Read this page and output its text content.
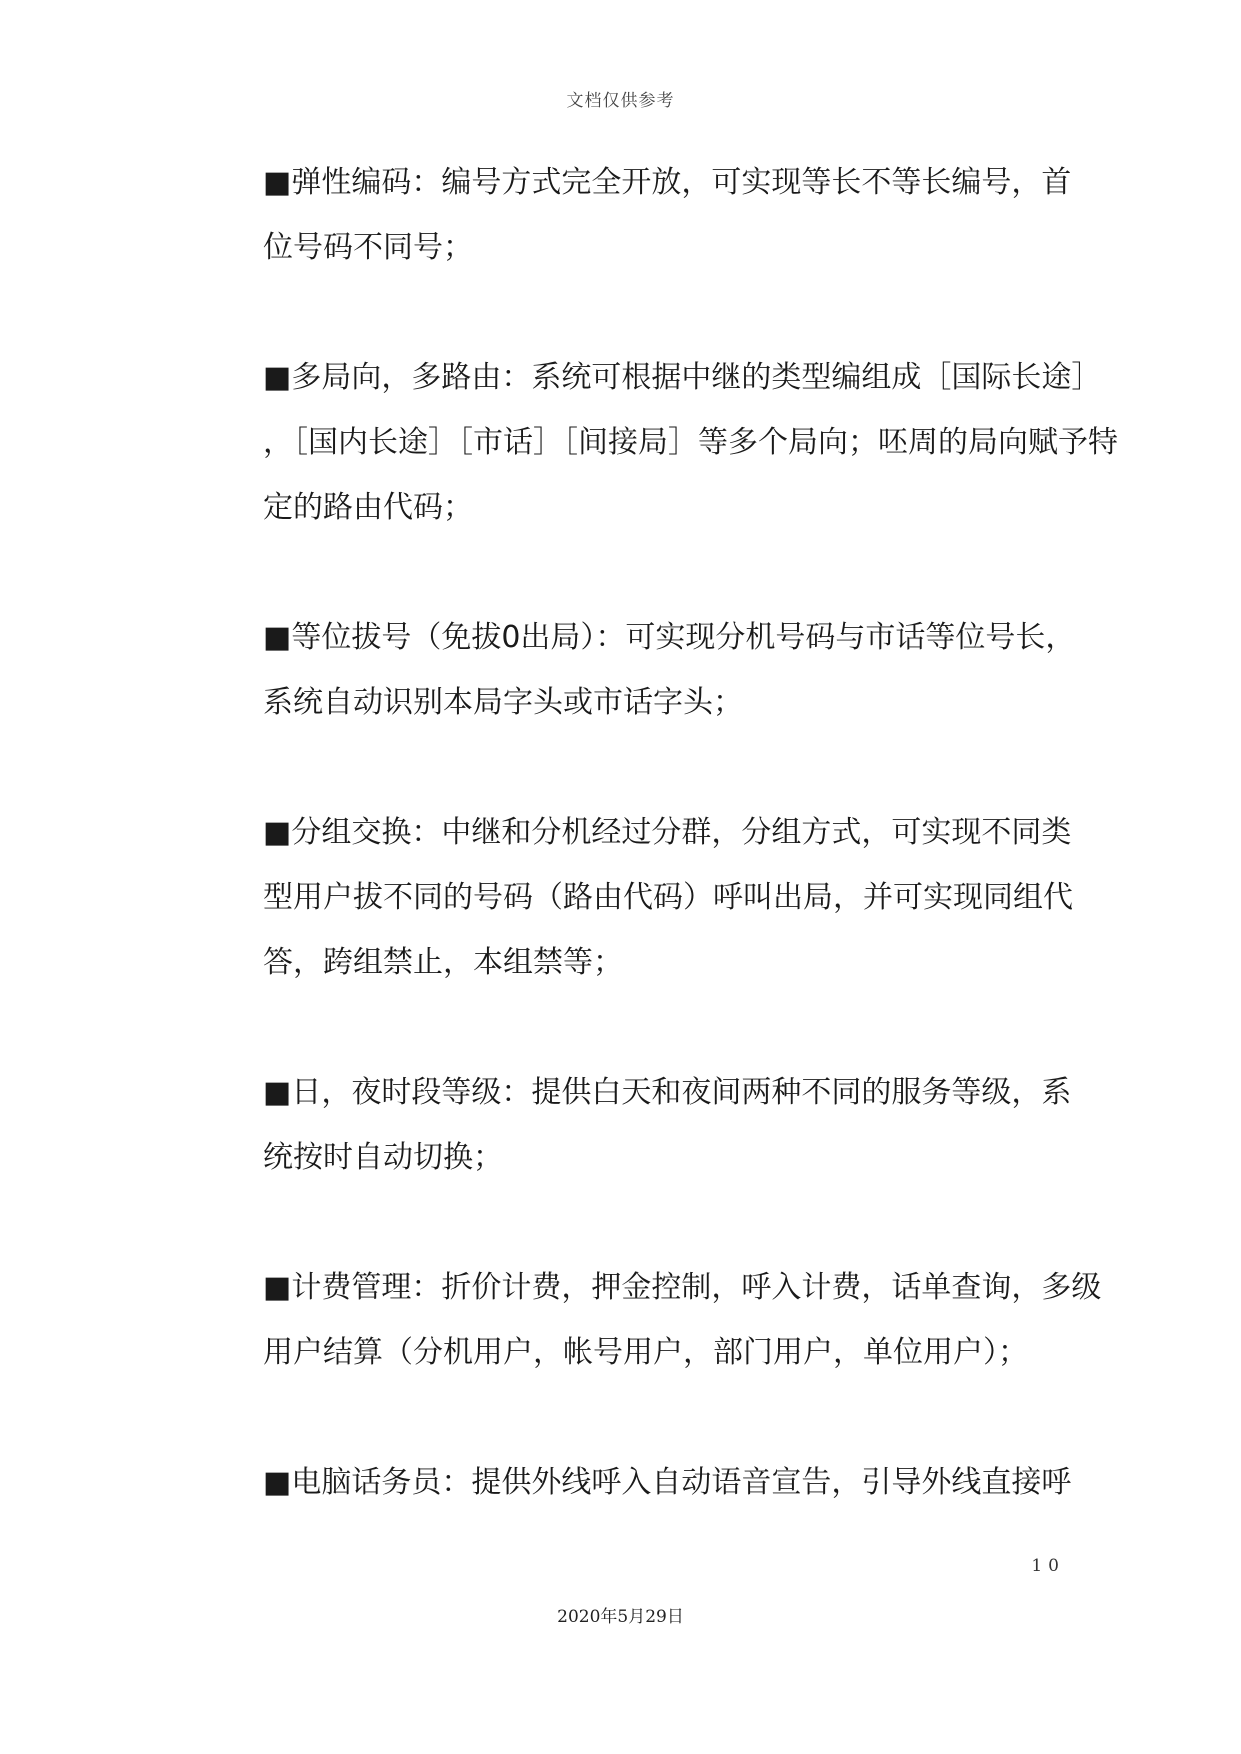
文档仅供参考
■弹性编码：编号方式完全开放，可实现等长不等长编号，首
位号码不同号；
■多局向，多路由：系统可根据中继的类型编组成［国际长途］
，［国内长途］［市话］［间接局］等多个局向；呸周的局向赋予特
定的路由代码；
■等位拔号（免拔0出局）：可实现分机号码与市话等位号长，
系统自动识别本局字头或市话字头；
■分组交换：中继和分机经过分群，分组方式，可实现不同类
型用户拔不同的号码（路由代码）呼叫出局，并可实现同组代
答，跨组禁止，本组禁等；
■日，夜时段等级：提供白天和夜间两种不同的服务等级，系
统按时自动切换；
■计费管理：折价计费，押金控制，呼入计费，话单查询，多级
用户结算（分机用户，帐号用户，部门用户，单位用户）；
■电脑话务员：提供外线呼入自动语音宣告，引导外线直接呼
10
2020年5月29日
